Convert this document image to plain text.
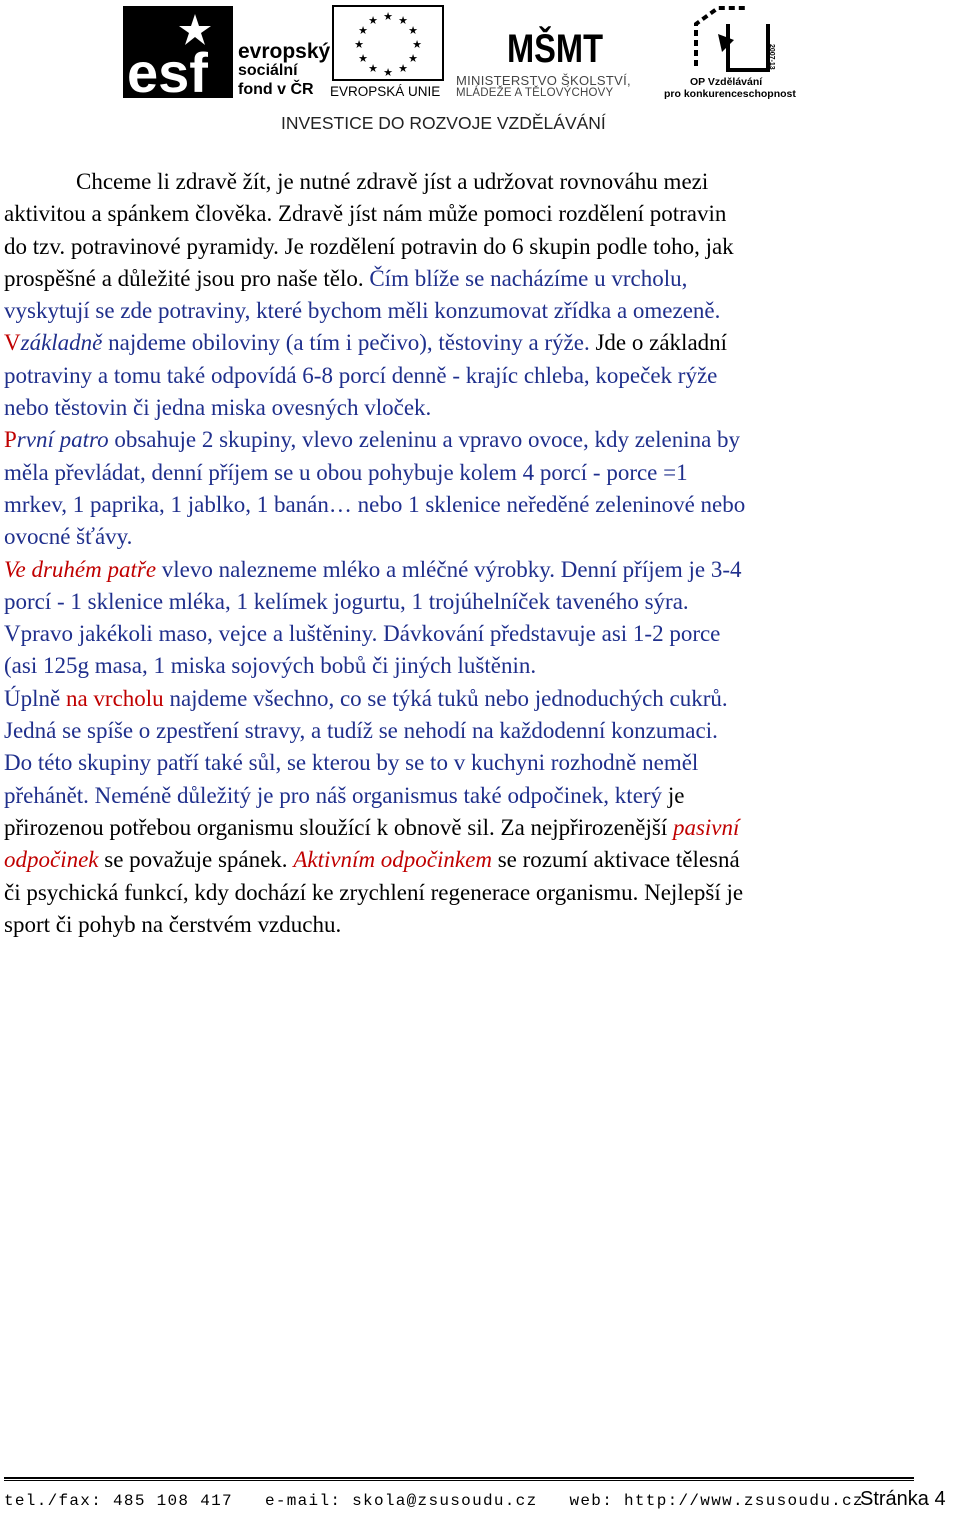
esf evropský
sociální
fond v ČR
★ ★
★
★
★
★
★
★
★
★
★
★
EVROPSKÁ UNIE
MŠMT
MINISTERSTVO ŠKOLSTVÍ,
MLÁDEŽE A TĚLOVÝCHOVY
2007-13
OP Vzdělávání
pro konkurenceschopnost
INVESTICE DO ROZVOJE VZDĚLÁVÁNÍ
Chceme li zdravě žít, je nutné zdravě jíst a udržovat rovnováhu mezi
aktivitou a spánkem člověka. Zdravě jíst nám může pomoci rozdělení potravin
do tzv. potravinové pyramidy. Je rozdělení potravin do 6 skupin podle toho, jak
prospěšné a důležité jsou pro naše tělo. Čím blíže se nacházíme u vrcholu,
vyskytují se zde potraviny, které bychom měli konzumovat zřídka a omezeně.
Vzákladně najdeme obiloviny (a tím i pečivo), těstoviny a rýže. Jde o základní
potraviny a tomu také odpovídá 6-8 porcí denně - krajíc chleba, kopeček rýže
nebo těstovin či jedna miska ovesných vloček.
První patro obsahuje 2 skupiny, vlevo zeleninu a vpravo ovoce, kdy zelenina by
měla převládat, denní příjem se u obou pohybuje kolem 4 porcí - porce =1
mrkev, 1 paprika, 1 jablko, 1 banán… nebo 1 sklenice neředěné zeleninové nebo
ovocné šťávy.
Ve druhém patře vlevo nalezneme mléko a mléčné výrobky. Denní příjem je 3-4
porcí - 1 sklenice mléka, 1 kelímek jogurtu, 1 trojúhelníček taveného sýra.
Vpravo jakékoli maso, vejce a luštěniny. Dávkování představuje asi 1-2 porce
(asi 125g masa, 1 miska sojových bobů či jiných luštěnin.
Úplně na vrcholu najdeme všechno, co se týká tuků nebo jednoduchých cukrů.
Jedná se spíše o zpestření stravy, a tudíž se nehodí na každodenní konzumaci.
Do této skupiny patří také sůl, se kterou by se to v kuchyni rozhodně neměl
přehánět. Neméně důležitý je pro náš organismus také odpočinek, který je
přirozenou potřebou organismu sloužící k obnově sil. Za nejpřirozenější pasivní
odpočinek se považuje spánek. Aktivním odpočinkem se rozumí aktivace tělesná
či psychická funkcí, kdy dochází ke zrychlení regenerace organismu. Nejlepší je
sport či pohyb na čerstvém vzduchu.
tel./fax: 485 108 417 e-mail: skola@zsusoudu.cz web: http://www.zsusoudu.cz
Stránka 4
